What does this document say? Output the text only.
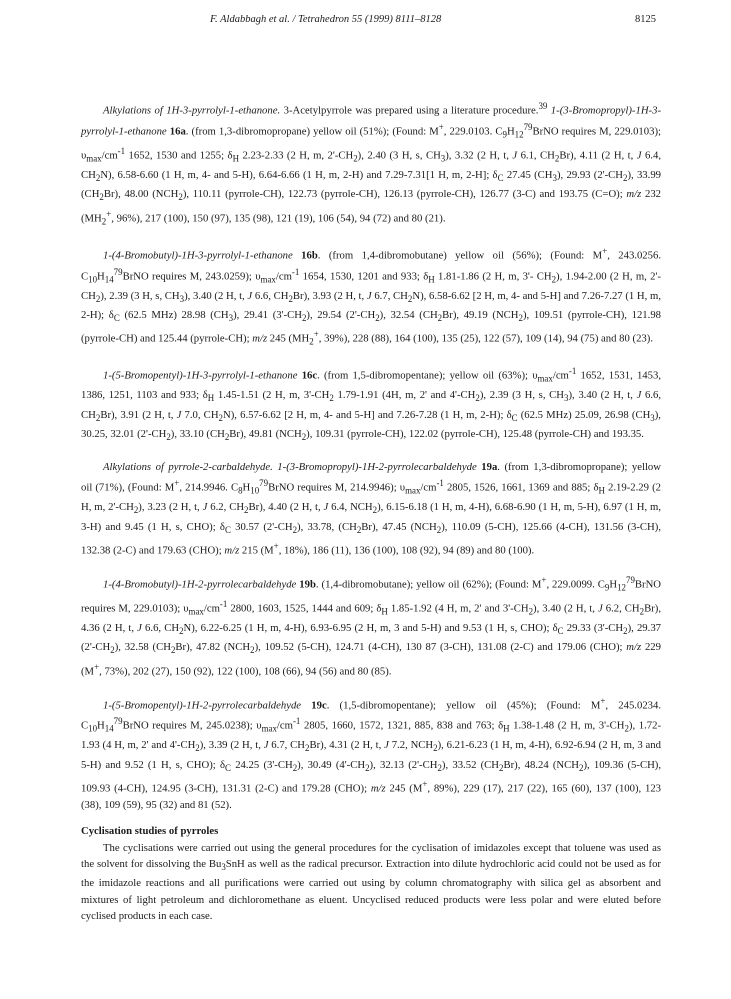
F. Aldabbagh et al. / Tetrahedron 55 (1999) 8111–8128	8125

Alkylations of 1H-3-pyrrolyl-1-ethanone. 3-Acetylpyrrole was prepared using a literature procedure.$^{39}$ 1-(3-Bromopropyl)-1H-3-pyrrolyl-1-ethanone 16a. (from 1,3-dibromopropane) yellow oil (51%); (Found: M+, 229.0103. $C_9H_{12}^{79}BrNO$ requires M, 229.0103); $\upsilon_{max}/cm^{-1}$ 1652, 1530 and 1255; $\delta_H$ 2.23-2.33 (2 H, m, $2'-CH_2$), 2.40 (3 H, s, $CH_3$), 3.32 (2 H, t, J 6.1, $CH_2Br$), 4.11 (2 H, t, J 6.4, $CH_2N$), 6.58-6.60 (1 H, m, 4- and 5-H), 6.64-6.66 (1 H, m, 2-H) and 7.29-7.31[1 H, m, 2-H]; $\delta_C$ 27.45 $(CH_3)$, 29.93 $(2'-CH_2)$, 33.99 $(CH_2Br)$, 48.00 $(NCH_2)$, 110.11 (pyrrole-CH), 122.73 (pyrrole-CH), 126.13 (pyrrole-CH), 126.77 (3-C) and 193.75 (C=O); m/z 232 ($MH_2^+$, 96%), 217 (100), 150 (97), 135 (98), 121 (19), 106 (54), 94 (72) and 80 (21).

1-(4-Bromobutyl)-1H-3-pyrrolyl-1-ethanone 16b. (from 1,4-dibromobutane) yellow oil (56%); (Found: M+, 243.0256. $C_{10}H_{14}^{79}BrNO$ requires M, 243.0259); $\upsilon_{max}/cm^{-1}$ 1654, 1530, 1201 and 933; $\delta_H$ 1.81-1.86 (2 H, m, 3'- $CH_2$), 1.94-2.00 (2 H, m, $2'-CH_2$), 2.39 (3 H, s, $CH_3$), 3.40 (2 H, t, J 6.6, $CH_2Br$), 3.93 (2 H, t, J 6.7, $CH_2N$), 6.58-6.62 [2 H, m, 4- and 5-H] and 7.26-7.27 (1 H, m, 2-H); $\delta_C$ (62.5 MHz) 28.98 $(CH_3)$, 29.41 $(3'-CH_2)$, 29.54 $(2'-CH_2)$, 32.54 $(CH_2Br)$, 49.19 $(NCH_2)$, 109.51 (pyrrole-CH), 121.98 (pyrrole-CH) and 125.44 (pyrrole-CH); m/z 245 ($MH_2^+$, 39%), 228 (88), 164 (100), 135 (25), 122 (57), 109 (14), 94 (75) and 80 (23).

1-(5-Bromopentyl)-1H-3-pyrrolyl-1-ethanone 16c. (from 1,5-dibromopentane); yellow oil (63%); $\upsilon_{max}/cm^{-1}$ 1652, 1531, 1453, 1386, 1251, 1103 and 933; $\delta_H$ 1.45-1.51 (2 H, m, $3'-CH_2$ 1.79-1.91 (4H, m, 2' and $4'-CH_2$), 2.39 (3 H, s, $CH_3$), 3.40 (2 H, t, J 6.6, $CH_2Br$), 3.91 (2 H, t, J 7.0, $CH_2N$), 6.57-6.62 [2 H, m, 4- and 5-H] and 7.26-7.28 (1 H, m, 2-H); $\delta_C$ (62.5 MHz) 25.09, 26.98 $(CH_3)$, 30.25, 32.01 $(2'-CH_2)$, 33.10 $(CH_2Br)$, 49.81 $(NCH_2)$, 109.31 (pyrrole-CH), 122.02 (pyrrole-CH), 125.48 (pyrrole-CH) and 193.35.

Alkylations of pyrrole-2-carbaldehyde. 1-(3-Bromopropyl)-1H-2-pyrrolecarbaldehyde 19a. (from 1,3-dibromopropane); yellow oil (71%), (Found: M+, 214.9946. $C_8H_{10}^{79}BrNO$ requires M, 214.9946); $\upsilon_{max}/cm^{-1}$ 2805, 1526, 1661, 1369 and 885; $\delta_H$ 2.19-2.29 (2 H, m, $2'-CH_2$), 3.23 (2 H, t, J 6.2, $CH_2Br$), 4.40 (2 H, t, J 6.4, $NCH_2$), 6.15-6.18 (1 H, m, 4-H), 6.68-6.90 (1 H, m, 5-H), 6.97 (1 H, m, 3-H) and 9.45 (1 H, s, CHO); $\delta_C$ 30.57 $(2'-CH_2)$, 33.78, $(CH_2Br)$, 47.45 $(NCH_2)$, 110.09 (5-CH), 125.66 (4-CH), 131.56 (3-CH), 132.38 (2-C) and 179.63 (CHO); m/z 215 (M+, 18%), 186 (11), 136 (100), 108 (92), 94 (89) and 80 (100).

1-(4-Bromobutyl)-1H-2-pyrrolecarbaldehyde 19b. (1,4-dibromobutane); yellow oil (62%); (Found: M+, 229.0099. $C_9H_{12}^{79}BrNO$ requires M, 229.0103); $\upsilon_{max}/cm^{-1}$ 2800, 1603, 1525, 1444 and 609; $\delta_H$ 1.85-1.92 (4 H, m, 2' and $3'-CH_2$), 3.40 (2 H, t, J 6.2, $CH_2Br$), 4.36 (2 H, t, J 6.6, $CH_2N$), 6.22-6.25 (1 H, m, 4-H), 6.93-6.95 (2 H, m, 3 and 5-H) and 9.53 (1 H, s, CHO); $\delta_C$ 29.33 $(3'-CH_2)$, 29.37 $(2'-CH_2)$, 32.58 $(CH_2Br)$, 47.82 $(NCH_2)$, 109.52 (5-CH), 124.71 (4-CH), 130 87 (3-CH), 131.08 (2-C) and 179.06 (CHO); m/z 229 (M+, 73%), 202 (27), 150 (92), 122 (100), 108 (66), 94 (56) and 80 (85).

1-(5-Bromopentyl)-1H-2-pyrrolecarbaldehyde 19c. (1,5-dibromopentane); yellow oil (45%); (Found: M+, 245.0234. $C_{10}H_{14}^{79}BrNO$ requires M, 245.0238); $\upsilon_{max}/cm^{-1}$ 2805, 1660, 1572, 1321, 885, 838 and 763; $\delta_H$ 1.38-1.48 (2 H, m, $3'-CH_2$), 1.72-1.93 (4 H, m, 2' and $4'-CH_2$), 3.39 (2 H, t, J 6.7, $CH_2Br$), 4.31 (2 H, t, J 7.2, $NCH_2$), 6.21-6.23 (1 H, m, 4-H), 6.92-6.94 (2 H, m, 3 and 5-H) and 9.52 (1 H, s, CHO); $\delta_C$ 24.25 $(3'-CH_2)$, 30.49 $(4'-CH_2)$, 32.13 $(2'-CH_2)$, 33.52 $(CH_2Br)$, 48.24 $(NCH_2)$, 109.36 (5-CH), 109.93 (4-CH), 124.95 (3-CH), 131.31 (2-C) and 179.28 (CHO); m/z 245 (M+, 89%), 229 (17), 217 (22), 165 (60), 137 (100), 123 (38), 109 (59), 95 (32) and 81 (52).

Cyclisation studies of pyrroles

The cyclisations were carried out using the general procedures for the cyclisation of imidazoles except that toluene was used as the solvent for dissolving the $Bu_3SnH$ as well as the radical precursor. Extraction into dilute hydrochloric acid could not be used as for the imidazole reactions and all purifications were carried out using by column chromatography with silica gel as absorbent and mixtures of light petroleum and dichloromethane as eluent. Uncyclised reduced products were less polar and were eluted before cyclised products in each case.
